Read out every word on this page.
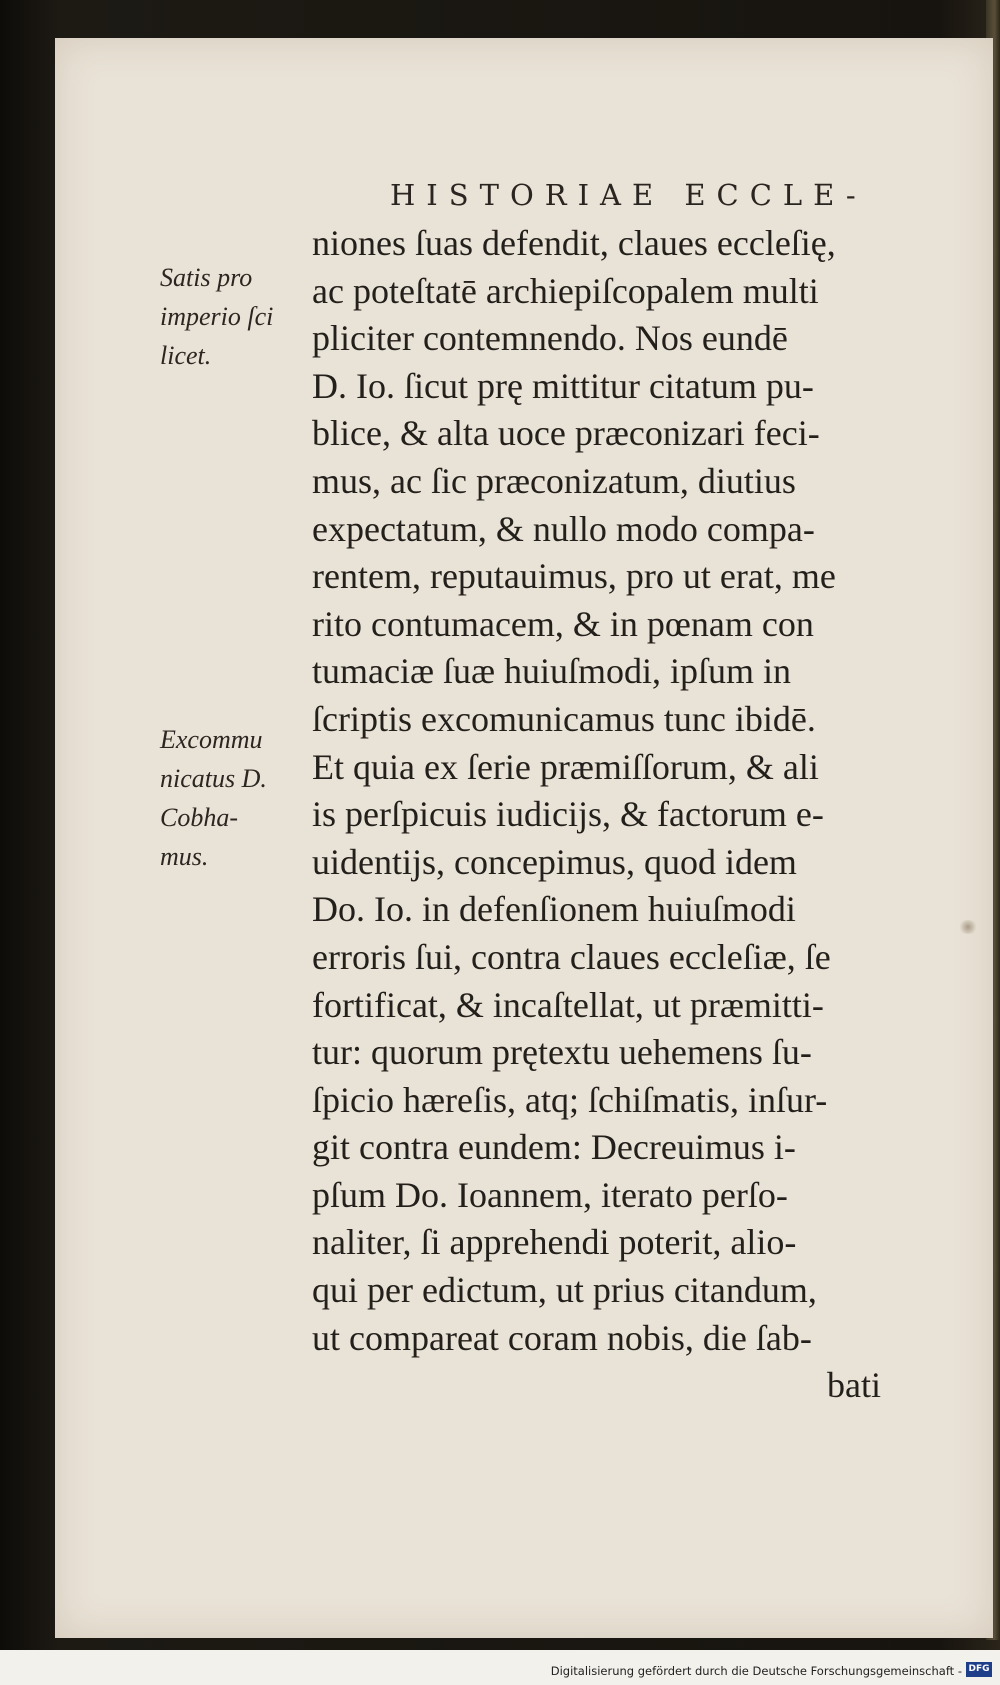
HISTORIAE ECCLE-
niones ſuas defendit, claues eccleſię,
ac poteſtatē archiepiſcopalem multi
pliciter contemnendo. Nos eundē
D. Io. ſicut prę mittitur citatum pu-
blice, & alta uoce præconizari feci-
mus, ac ſic præconizatum, diutius
expectatum, & nullo modo compa-
rentem, reputauimus, pro ut erat, me
rito contumacem, & in pœnam con
tumaciæ ſuæ huiuſmodi, ipſum in
ſcriptis excomunicamus tunc ibidē.
Et quia ex ſerie præmiſſorum, & ali
is perſpicuis iudicijs, & factorum e-
uidentijs, concepimus, quod idem
Do. Io. in defenſionem huiuſmodi
erroris ſui, contra claues eccleſiæ, ſe
fortificat, & incaſtellat, ut præmitti-
tur: quorum prętextu uehemens ſu-
ſpicio hæreſis, atq; ſchiſmatis, inſur-
git contra eundem: Decreuimus i-
pſum Do. Ioannem, iterato perſo-
naliter, ſi apprehendi poterit, alio-
qui per edictum, ut prius citandum,
ut compareat coram nobis, die ſab-
bati
Satis pro
imperio ſci
licet.
Excommu
nicatus D.
Cobha-
mus.
Digitalisierung gefördert durch die Deutsche Forschungsgemeinschaft - DFG
